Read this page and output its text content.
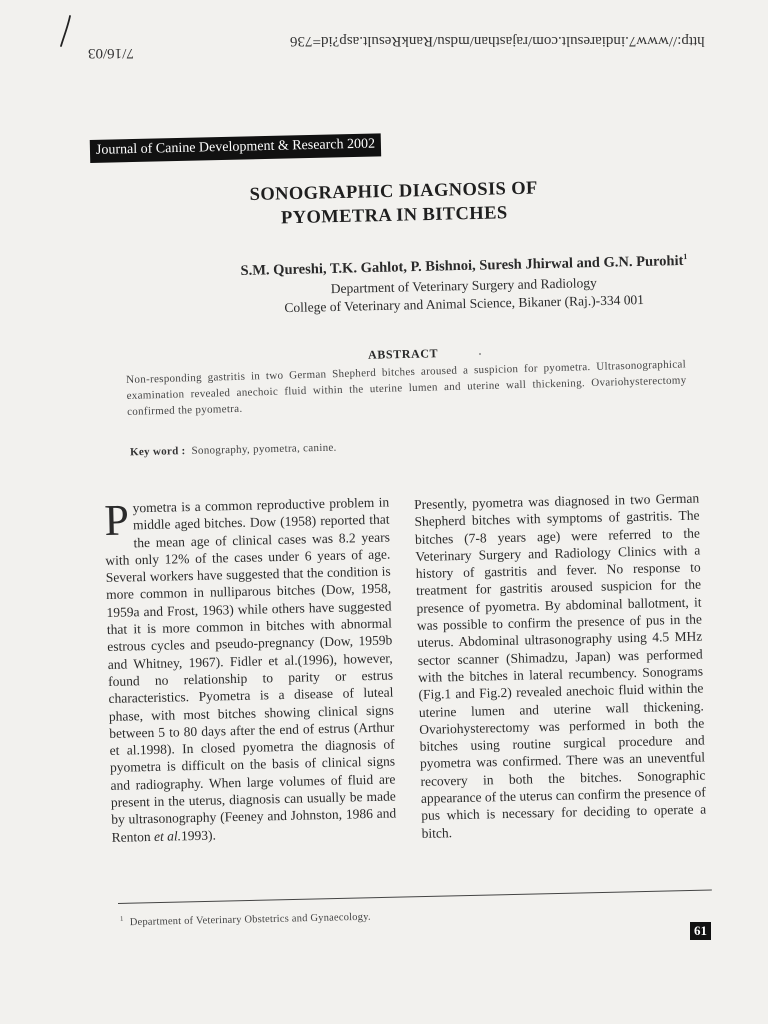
http://www7.indiaresult.com/rajasthan/mdsu/RankResult.asp?id=736
7/16/03
Journal of Canine Development & Research 2002
SONOGRAPHIC DIAGNOSIS OF
PYOMETRA IN BITCHES
S.M. Qureshi, T.K. Gahlot, P. Bishnoi, Suresh Jhirwal and G.N. Purohit$^1$
Department of Veterinary Surgery and Radiology
College of Veterinary and Animal Science, Bikaner (Raj.)-334 001
ABSTRACT
Non-responding gastritis in two German Shepherd bitches aroused a suspicion for pyometra. Ultrasonographical examination revealed anechoic fluid within the uterine lumen and uterine wall thickening. Ovariohysterectomy confirmed the pyometra.
Key word : Sonography, pyometra, canine.
Pyometra is a common reproductive problem in middle aged bitches. Dow (1958) reported that the mean age of clinical cases was 8.2 years with only 12% of the cases under 6 years of age. Several workers have suggested that the condition is more common in nulliparous bitches (Dow, 1958, 1959a and Frost, 1963) while others have suggested that it is more common in bitches with abnormal estrous cycles and pseudo-pregnancy (Dow, 1959b and Whitney, 1967). Fidler et al.(1996), however, found no relationship to parity or estrus characteristics. Pyometra is a disease of luteal phase, with most bitches showing clinical signs between 5 to 80 days after the end of estrus (Arthur et al.1998). In closed pyometra the diagnosis of pyometra is difficult on the basis of clinical signs and radiography. When large volumes of fluid are present in the uterus, diagnosis can usually be made by ultrasonography (Feeney and Johnston, 1986 and Renton et al.1993).
Presently, pyometra was diagnosed in two German Shepherd bitches with symptoms of gastritis. The bitches (7-8 years age) were referred to the Veterinary Surgery and Radiology Clinics with a history of gastritis and fever. No response to treatment for gastritis aroused suspicion for the presence of pyometra. By abdominal ballotment, it was possible to confirm the presence of pus in the uterus. Abdominal ultrasonography using 4.5 MHz sector scanner (Shimadzu, Japan) was performed with the bitches in lateral recumbency. Sonograms (Fig.1 and Fig.2) revealed anechoic fluid within the uterine lumen and uterine wall thickening. Ovariohysterectomy was performed in both the bitches using routine surgical procedure and pyometra was confirmed. There was an uneventful recovery in both the bitches. Sonographic appearance of the uterus can confirm the presence of pus which is necessary for deciding to operate a bitch.
$^1$ Department of Veterinary Obstetrics and Gynaecology.
61
